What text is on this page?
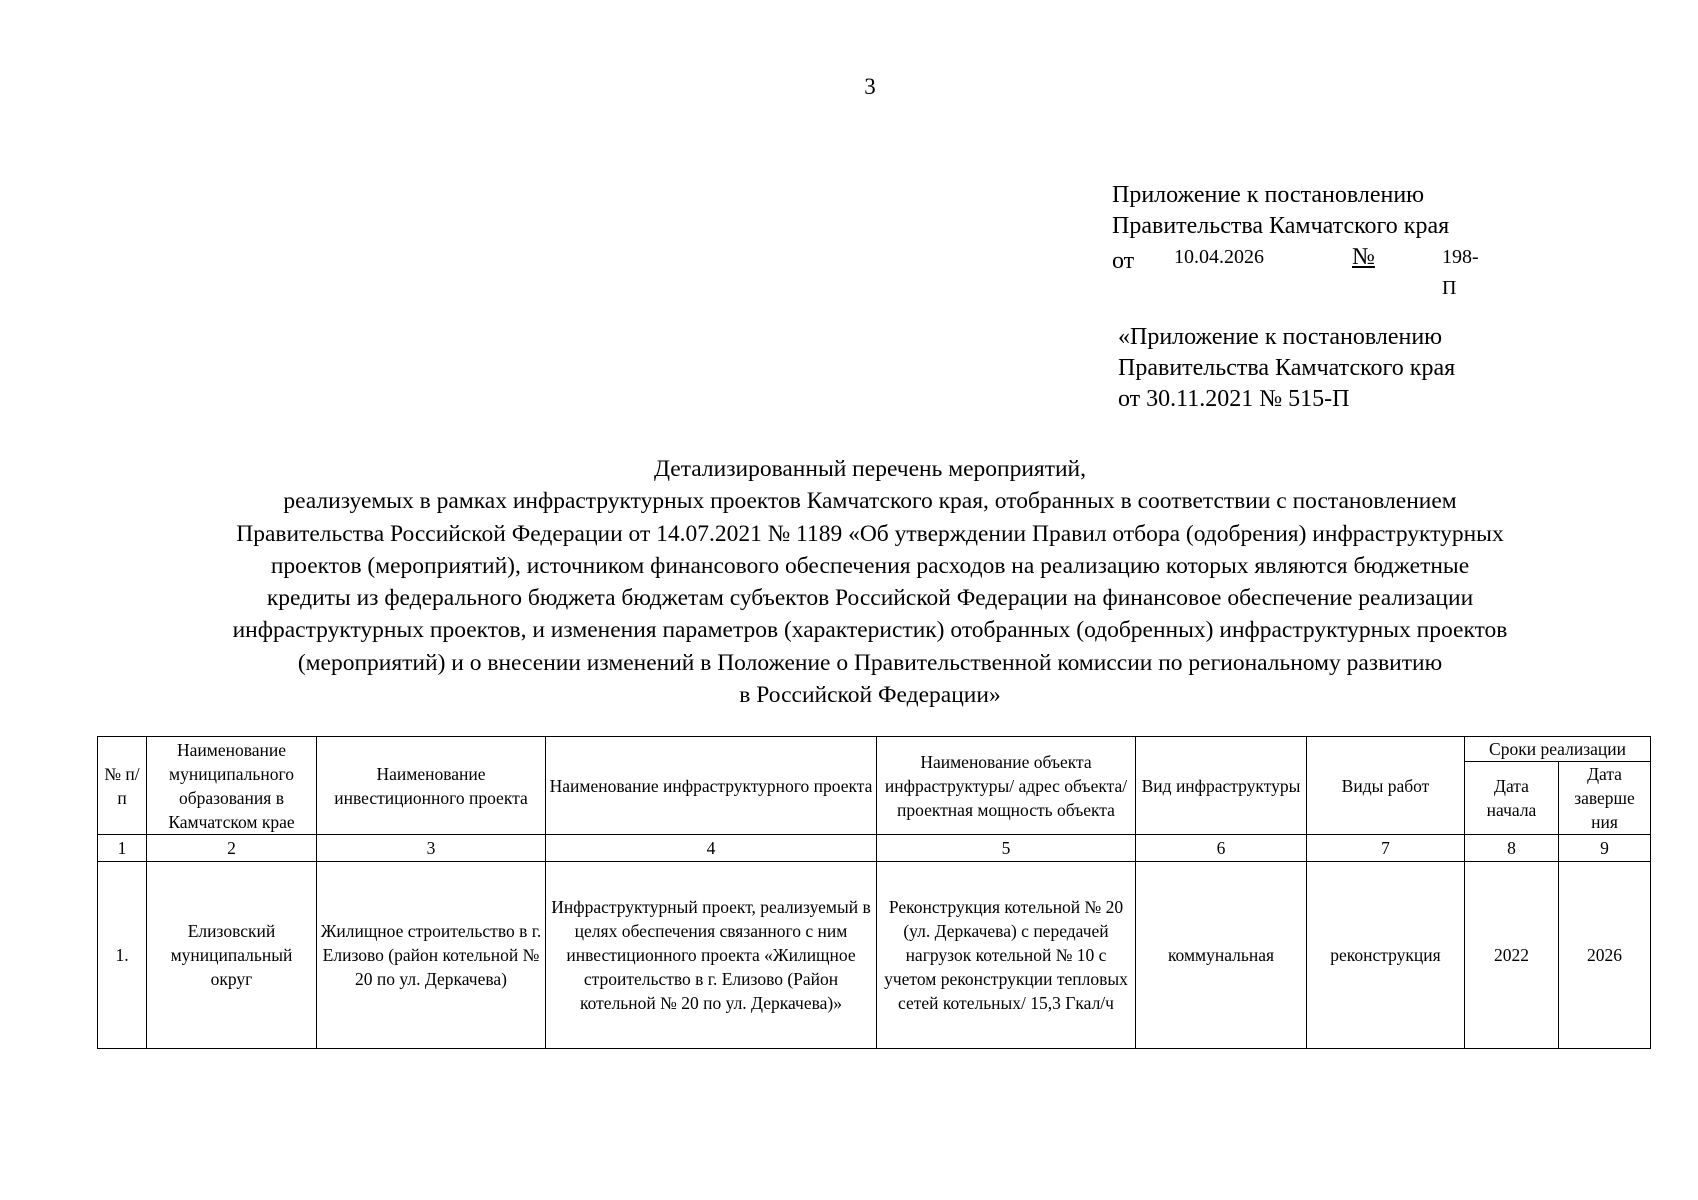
3
Приложение к постановлению
Правительства Камчатского края
от 10.04.2026	№	198-П
«Приложение к постановлению
Правительства Камчатского края
от 30.11.2021 № 515-П
Детализированный перечень мероприятий,
реализуемых в рамках инфраструктурных проектов Камчатского края, отобранных в соответствии с постановлением
Правительства Российской Федерации от 14.07.2021 № 1189 «Об утверждении Правил отбора (одобрения) инфраструктурных
проектов (мероприятий), источником финансового обеспечения расходов на реализацию которых являются бюджетные
кредиты из федерального бюджета бюджетам субъектов Российской Федерации на финансовое обеспечение реализации
инфраструктурных проектов, и изменения параметров (характеристик) отобранных (одобренных) инфраструктурных проектов
(мероприятий) и о внесении изменений в Положение о Правительственной комиссии по региональному развитию
в Российской Федерации»
№ п/п	Наименование муниципального образования в Камчатском крае	Наименование инвестиционного проекта	Наименование инфраструктурного проекта	Наименование объекта инфраструктуры/ адрес объекта/ проектная мощность объекта	Вид инфраструктуры	Виды работ	Сроки реализации	
							Дата начала	Дата заверше ния
1	2	3	4	5	6	7	8	9
1.	Елизовский муниципальный округ	Жилищное строительство в г. Елизово (район котельной № 20 по ул. Деркачева)	Инфраструктурный проект, реализуемый в целях обеспечения связанного с ним инвестиционного проекта «Жилищное строительство в г. Елизово (Район котельной № 20 по ул. Деркачева)»	Реконструкция котельной № 20 (ул. Деркачева) с передачей нагрузок котельной № 10 с учетом реконструкции тепловых сетей котельных/ 15,3 Гкал/ч	коммунальная	реконструкция	2022	2026
